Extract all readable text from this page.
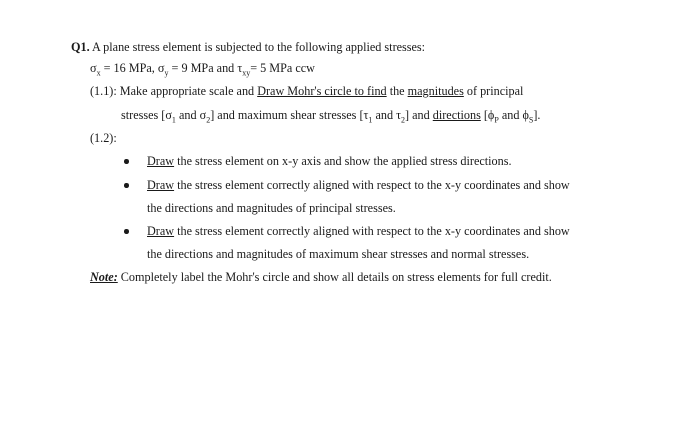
Q1. A plane stress element is subjected to the following applied stresses:
$\sigma_x = 16$ MPa, $\sigma_y = 9$ MPa and $\tau_{xy}= 5$ MPa ccw
(1.1): Make appropriate scale and Draw Mohr's circle to find the magnitudes of principal
stresses [$\sigma_1$ and $\sigma_2$] and maximum shear stresses [$\tau_1$ and $\tau_2$] and directions [$\phi_P$ and $\phi_S$].
(1.2):
Draw the stress element on x-y axis and show the applied stress directions.
Draw the stress element correctly aligned with respect to the x-y coordinates and show
the directions and magnitudes of principal stresses.
Draw the stress element correctly aligned with respect to the x-y coordinates and show
the directions and magnitudes of maximum shear stresses and normal stresses.
Note: Completely label the Mohr's circle and show all details on stress elements for full credit.
